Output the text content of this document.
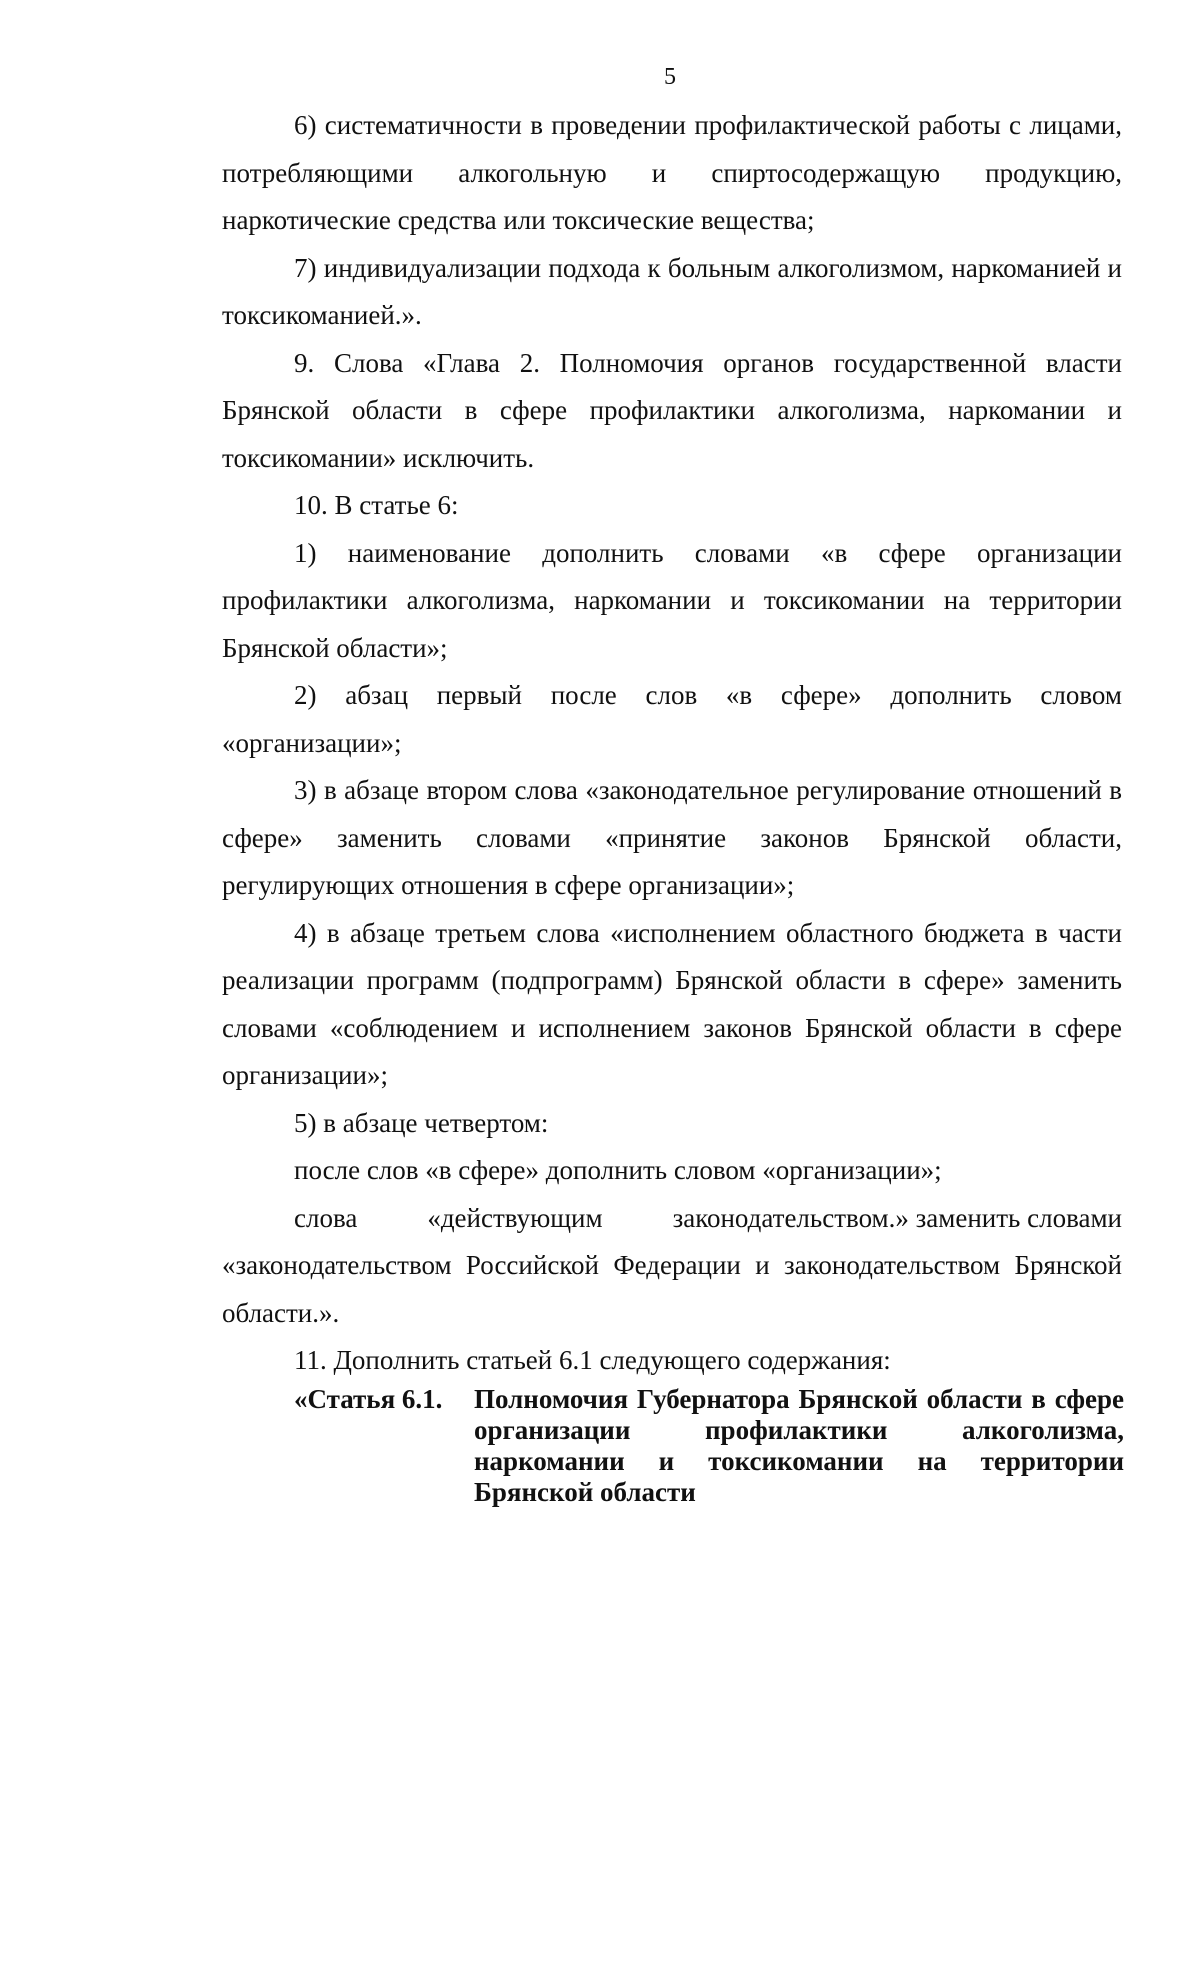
5

6) систематичности в проведении профилактической работы с лицами, потребляющими алкогольную и спиртосодержащую продукцию, наркотические средства или токсические вещества;

7) индивидуализации подхода к больным алкоголизмом, наркоманией и токсикоманией.».

9. Слова «Глава 2. Полномочия органов государственной власти Брянской области в сфере профилактики алкоголизма, наркомании и токсикомании» исключить.

10. В статье 6:

1) наименование дополнить словами «в сфере организации профилактики алкоголизма, наркомании и токсикомании на территории Брянской области»;

2) абзац первый после слов «в сфере» дополнить словом «организации»;

3) в абзаце втором слова «законодательное регулирование отношений в сфере» заменить словами «принятие законов Брянской области, регулирующих отношения в сфере организации»;

4) в абзаце третьем слова «исполнением областного бюджета в части реализации программ (подпрограмм) Брянской области в сфере» заменить словами «соблюдением и исполнением законов Брянской области в сфере организации»;

5) в абзаце четвертом:

после слов «в сфере» дополнить словом «организации»;

слова	«действующим	законодательством.» заменить словами

«законодательством Российской Федерации и законодательством Брянской области.».

11. Дополнить статьей 6.1 следующего содержания:

«Статья 6.1.	Полномочия Губернатора Брянской области в сфере организации профилактики алкоголизма, наркомании и токсикомании на территории Брянской области
